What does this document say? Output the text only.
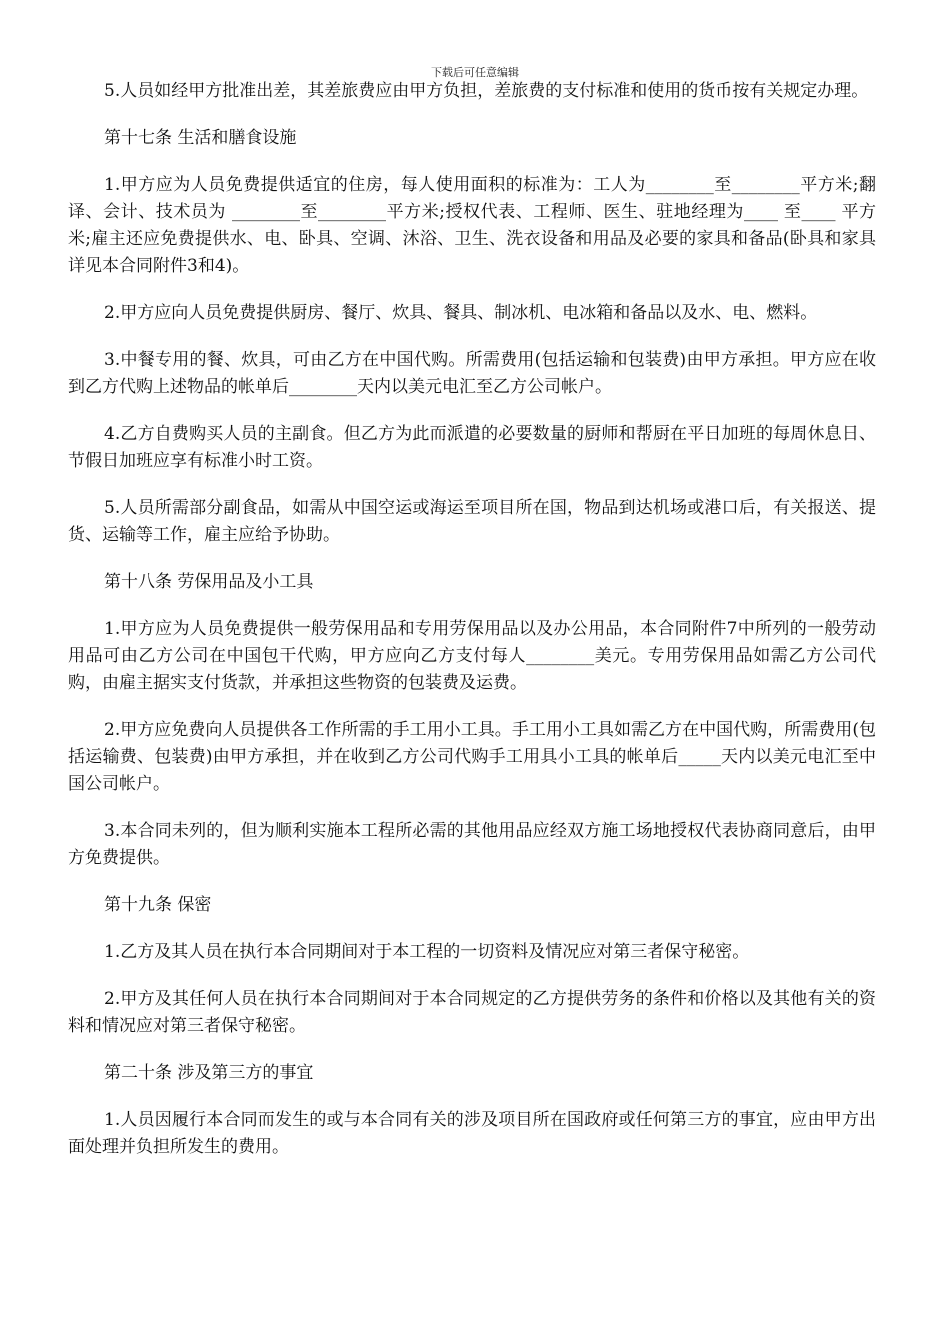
下载后可任意编辑

5.人员如经甲方批准出差，其差旅费应由甲方负担，差旅费的支付标准和使用的货币按有关规定办理。

第十七条 生活和膳食设施

1.甲方应为人员免费提供适宜的住房，每人使用面积的标准为：工人为________至________平方米;翻译、会计、技术员为 ________至________平方米;授权代表、工程师、医生、驻地经理为____ 至____ 平方米;雇主还应免费提供水、电、卧具、空调、沐浴、卫生、洗衣设备和用品及必要的家具和备品(卧具和家具详见本合同附件3和4)。

2.甲方应向人员免费提供厨房、餐厅、炊具、餐具、制冰机、电冰箱和备品以及水、电、燃料。

3.中餐专用的餐、炊具，可由乙方在中国代购。所需费用(包括运输和包装费)由甲方承担。甲方应在收到乙方代购上述物品的帐单后________天内以美元电汇至乙方公司帐户。

4.乙方自费购买人员的主副食。但乙方为此而派遣的必要数量的厨师和帮厨在平日加班的每周休息日、节假日加班应享有标准小时工资。

5.人员所需部分副食品，如需从中国空运或海运至项目所在国，物品到达机场或港口后，有关报送、提货、运输等工作，雇主应给予协助。

第十八条 劳保用品及小工具

1.甲方应为人员免费提供一般劳保用品和专用劳保用品以及办公用品，本合同附件7中所列的一般劳动用品可由乙方公司在中国包干代购，甲方应向乙方支付每人________美元。专用劳保用品如需乙方公司代购，由雇主据实支付货款，并承担这些物资的包装费及运费。

2.甲方应免费向人员提供各工作所需的手工用小工具。手工用小工具如需乙方在中国代购，所需费用(包括运输费、包装费)由甲方承担，并在收到乙方公司代购手工用具小工具的帐单后_____天内以美元电汇至中国公司帐户。

3.本合同未列的，但为顺利实施本工程所必需的其他用品应经双方施工场地授权代表协商同意后，由甲方免费提供。

第十九条 保密

1.乙方及其人员在执行本合同期间对于本工程的一切资料及情况应对第三者保守秘密。

2.甲方及其任何人员在执行本合同期间对于本合同规定的乙方提供劳务的条件和价格以及其他有关的资料和情况应对第三者保守秘密。

第二十条 涉及第三方的事宜

1.人员因履行本合同而发生的或与本合同有关的涉及项目所在国政府或任何第三方的事宜，应由甲方出面处理并负担所发生的费用。
